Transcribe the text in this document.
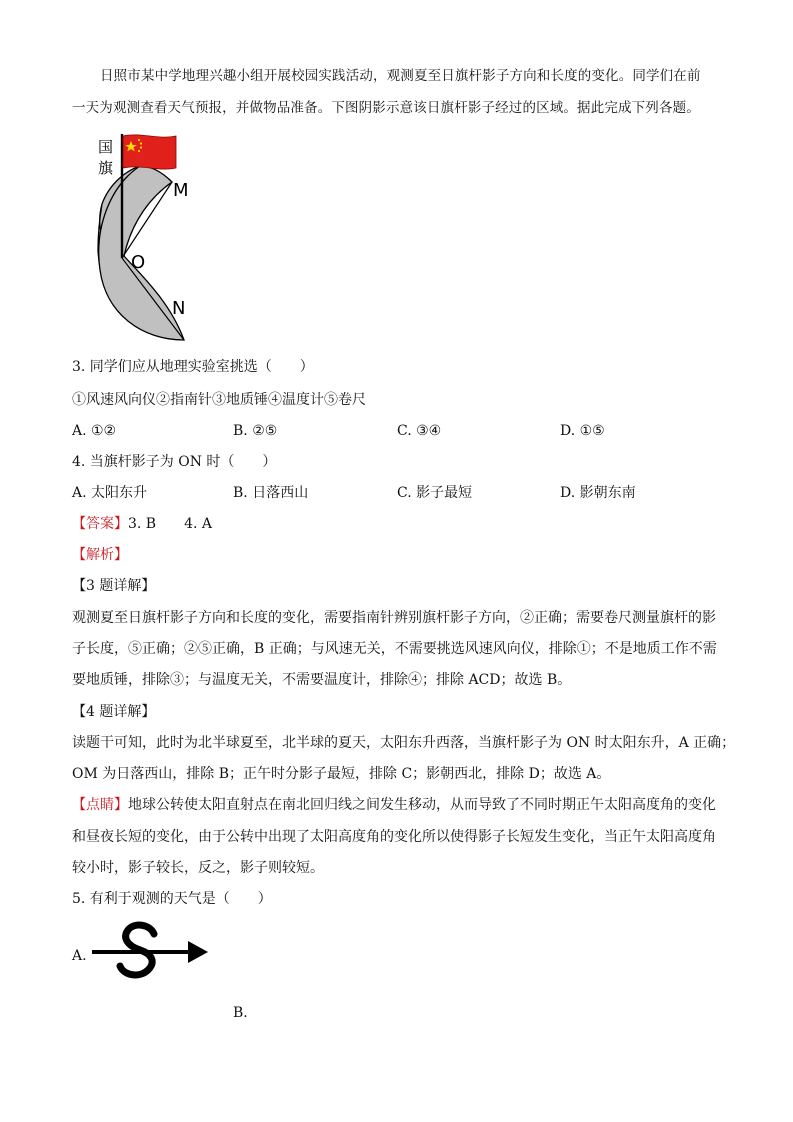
日照市某中学地理兴趣小组开展校园实践活动，观测夏至日旗杆影子方向和长度的变化。同学们在前
一天为观测查看天气预报，并做物品准备。下图阴影示意该日旗杆影子经过的区域。据此完成下列各题。
国
旗
M
O
N
3. 同学们应从地理实验室挑选（　　）
①风速风向仪②指南针③地质锤④温度计⑤卷尺
A. ①②	B. ②⑤	C. ③④	D. ①⑤
4. 当旗杆影子为 ON 时（　　）
A. 太阳东升	B. 日落西山	C. 影子最短	D. 影朝东南
【答案】3. B　　4. A
【解析】
【3 题详解】
观测夏至日旗杆影子方向和长度的变化，需要指南针辨别旗杆影子方向，②正确；需要卷尺测量旗杆的影
子长度，⑤正确；②⑤正确，B 正确；与风速无关，不需要挑选风速风向仪，排除①；不是地质工作不需
要地质锤，排除③；与温度无关，不需要温度计，排除④；排除 ACD；故选 B。
【4 题详解】
读题干可知，此时为北半球夏至，北半球的夏天，太阳东升西落，当旗杆影子为 ON 时太阳东升，A 正确；
OM 为日落西山，排除 B；正午时分影子最短，排除 C；影朝西北，排除 D；故选 A。
【点睛】地球公转使太阳直射点在南北回归线之间发生移动，从而导致了不同时期正午太阳高度角的变化
和昼夜长短的变化，由于公转中出现了太阳高度角的变化所以使得影子长短发生变化，当正午太阳高度角
较小时，影子较长，反之，影子则较短。
5. 有利于观测的天气是（　　）
A.
B.
